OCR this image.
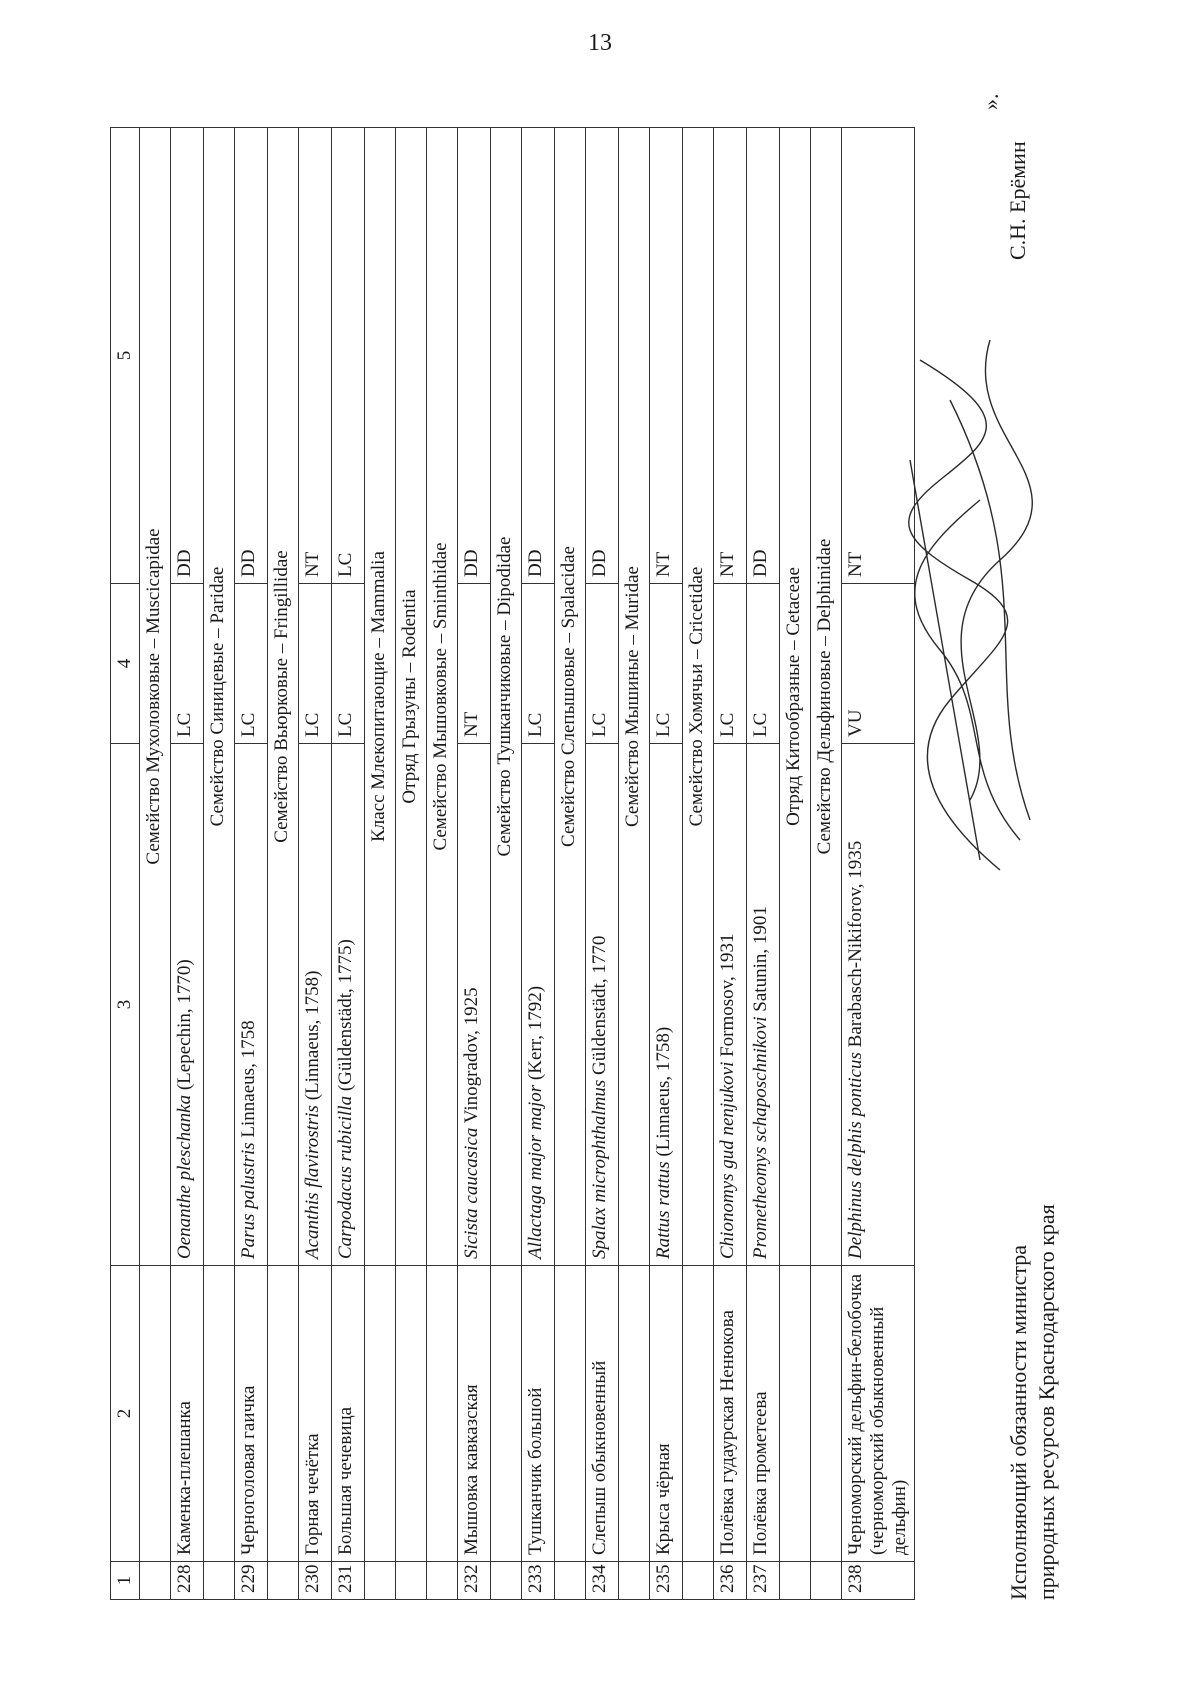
13
1	2	3	4	5
		Семейство Мухоловковые – Muscicapidae		
228	Каменка-плешанка	Oenanthe pleschanka (Lepechin, 1770)	LC	DD
		Семейство Синицевые – Paridae		
229	Черноголовая гаичка	Parus palustris Linnaeus, 1758	LC	DD
		Семейство Вьюрковые – Fringillidae		
230	Горная чечётка	Acanthis flavirostris (Linnaeus, 1758)	LC	NT
231	Большая чечевица	Carpodacus rubicilla (Güldenstädt, 1775)	LC	LC
		Класс Млекопитающие – Mammalia		
		Отряд Грызуны – Rodentia		
		Семейство Мышовковые – Sminthidae		
232	Мышовка кавказская	Sicista caucasica Vinogradov, 1925	NT	DD
		Семейство Тушканчиковые – Dipodidae		
233	Тушканчик большой	Allactaga major major (Kerr, 1792)	LC	DD
		Семейство Слепышовые – Spalacidae		
234	Слепыш обыкновенный	Spalax microphthalmus Güldenstädt, 1770	LC	DD
		Семейство Мышиные – Muridae		
235	Крыса чёрная	Rattus rattus (Linnaeus, 1758)	LC	NT
		Семейство Хомячьи – Cricetidae		
236	Полёвка гудаурская Ненюкова	Chionomys gud nenjukovi Formosov, 1931	LC	NT
237	Полёвка прометеева	Prometheomys schaposchnikovi Satunin, 1901	LC	DD
		Отряд Китообразные – Cetaceae		
		Семейство Дельфиновые – Delphinidae		
238	Черноморский дельфин-белобочка (черноморский обыкновенный дельфин)	Delphinus delphis ponticus Barabasch-Nikiforov, 1935	VU	NT
Исполняющий обязанности министра природных ресурсов Краснодарского края
С.Н. Ерёмин
».
